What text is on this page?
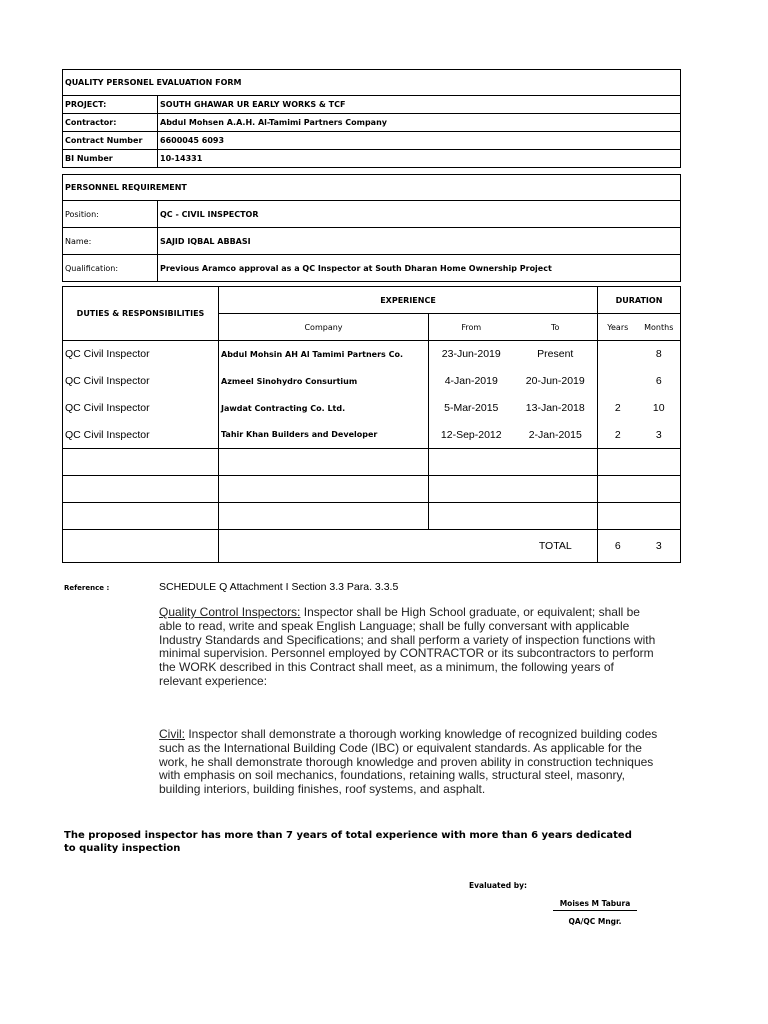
QUALITY PERSONEL EVALUATION FORM	
PROJECT:	SOUTH GHAWAR UR EARLY WORKS & TCF
Contractor:	Abdul Mohsen A.A.H. Al-Tamimi Partners Company
Contract Number	6600045 6093
BI Number	10-14331
PERSONNEL REQUIREMENT	
Position:	QC - CIVIL INSPECTOR
Name:	SAJID IQBAL ABBASI
Qualification:	Previous Aramco approval as a QC Inspector at South Dharan Home Ownership Project
DUTIES & RESPONSIBILITIES	EXPERIENCE			DURATION	
	Company	From	To	Years	Months
QC Civil Inspector	Abdul Mohsin AH Al Tamimi Partners Co.	23-Jun-2019	Present		8
QC Civil Inspector	Azmeel Sinohydro Consurtium	4-Jan-2019	20-Jun-2019		6
QC Civil Inspector	Jawdat Contracting Co. Ltd.	5-Mar-2015	13-Jan-2018	2	10
QC Civil Inspector	Tahir Khan Builders and Developer	12-Sep-2012	2-Jan-2015	2	3

			TOTAL	6	3
Reference :	SCHEDULE Q Attachment I Section 3.3 Para. 3.3.5
Quality Control Inspectors: Inspector shall be High School graduate, or equivalent; shall be able to read, write and speak English Language; shall be fully conversant with applicable Industry Standards and Specifications; and shall perform a variety of inspection functions with minimal supervision. Personnel employed by CONTRACTOR or its subcontractors to perform the WORK described in this Contract shall meet, as a minimum, the following years of relevant experience:
Civil: Inspector shall demonstrate a thorough working knowledge of recognized building codes such as the International Building Code (IBC) or equivalent standards. As applicable for the work, he shall demonstrate thorough knowledge and proven ability in construction techniques with emphasis on soil mechanics, foundations, retaining walls, structural steel, masonry, building interiors, building finishes, roof systems, and asphalt.
The proposed inspector has more than 7 years of total experience with more than 6 years dedicated to quality inspection
Evaluated by:
Moises M Tabura
QA/QC Mngr.
